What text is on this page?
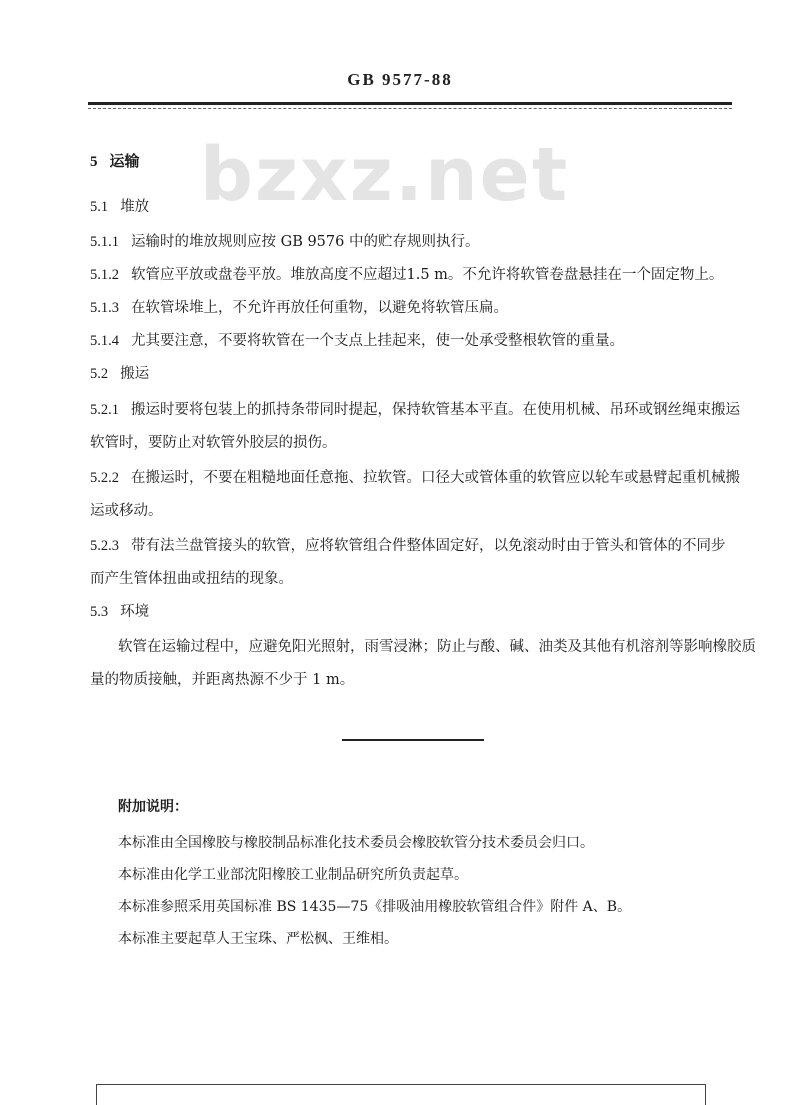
GB 9577-88
bzxz.net
5 运输
5.1 堆放
5.1.1 运输时的堆放规则应按 GB 9576 中的贮存规则执行。
5.1.2 软管应平放或盘卷平放。堆放高度不应超过1.5 m。不允许将软管卷盘悬挂在一个固定物上。
5.1.3 在软管垛堆上，不允许再放任何重物，以避免将软管压扁。
5.1.4 尤其要注意，不要将软管在一个支点上挂起来，使一处承受整根软管的重量。
5.2 搬运
5.2.1 搬运时要将包装上的抓持条带同时提起，保持软管基本平直。在使用机械、吊环或钢丝绳束搬运
软管时，要防止对软管外胶层的损伤。
5.2.2 在搬运时，不要在粗糙地面任意拖、拉软管。口径大或管体重的软管应以轮车或悬臂起重机械搬
运或移动。
5.2.3 带有法兰盘管接头的软管，应将软管组合件整体固定好，以免滚动时由于管头和管体的不同步
而产生管体扭曲或扭结的现象。
5.3 环境
软管在运输过程中，应避免阳光照射，雨雪浸淋；防止与酸、碱、油类及其他有机溶剂等影响橡胶质
量的物质接触，并距离热源不少于 1 m。
附加说明：
本标准由全国橡胶与橡胶制品标准化技术委员会橡胶软管分技术委员会归口。
本标准由化学工业部沈阳橡胶工业制品研究所负责起草。
本标准参照采用英国标准 BS 1435—75《排吸油用橡胶软管组合件》附件 A、B。
本标准主要起草人王宝珠、严松枫、王维相。
